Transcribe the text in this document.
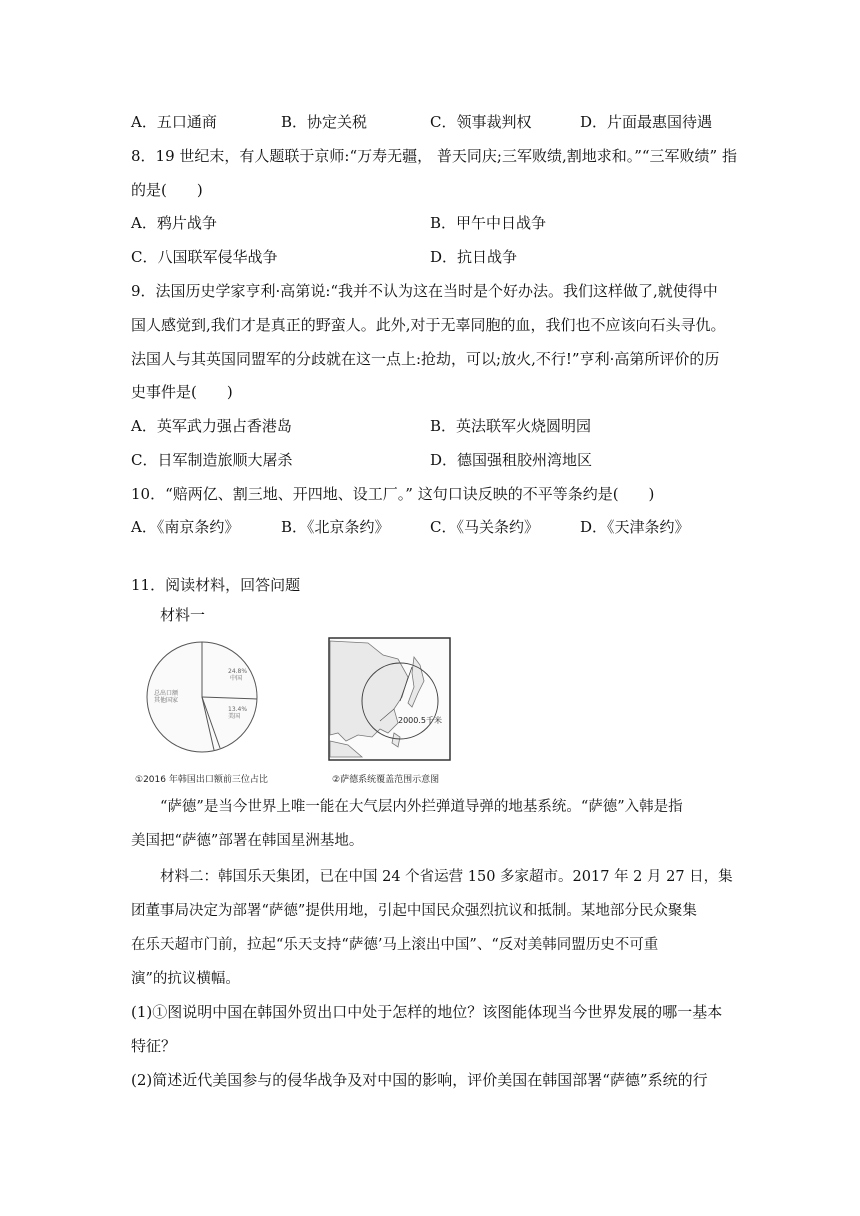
A．五口通商	B．协定关税	C．领事裁判权	D．片面最惠国待遇
8．19 世纪末，有人题联于京师:“万寿无疆， 普天同庆;三军败绩,割地求和。”“三军败绩” 指
的是(　　)
A．鸦片战争	B．甲午中日战争
C．八国联军侵华战争	D．抗日战争
9．法国历史学家亨利·高第说:“我并不认为这在当时是个好办法。我们这样做了,就使得中
国人感觉到,我们才是真正的野蛮人。此外,对于无辜同胞的血，我们也不应该向石头寻仇。
法国人与其英国同盟军的分歧就在这一点上:抢劫，可以;放火,不行!”亨利·高第所评价的历
史事件是(　　)
A．英军武力强占香港岛	B．英法联军火烧圆明园
C．日军制造旅顺大屠杀	D．德国强租胶州湾地区
10．“赔两亿、割三地、开四地、设工厂。” 这句口诀反映的不平等条约是(　　)
A．《南京条约》	B．《北京条约》	C．《马关条约》	D．《天津条约》
11．阅读材料，回答问题
材料一
24.8% 中国
总出口额 其他国家
13.4% 美国
①2016 年韩国出口额前三位占比
2000.5千米
②萨德系统覆盖范围示意图
“萨德”是当今世界上唯一能在大气层内外拦弹道导弹的地基系统。“萨德”入韩是指
美国把“萨德”部署在韩国星洲基地。
材料二：韩国乐天集团，已在中国 24 个省运营 150 多家超市。2017 年 2 月 27 日，集
团董事局决定为部署“萨德”提供用地，引起中国民众强烈抗议和抵制。某地部分民众聚集
在乐天超市门前，拉起“乐天支持“萨德’马上滚出中国”、“反对美韩同盟历史不可重
演”的抗议横幅。
(1)①图说明中国在韩国外贸出口中处于怎样的地位？该图能体现当今世界发展的哪一基本
特征？
(2)简述近代美国参与的侵华战争及对中国的影响，评价美国在韩国部署“萨德”系统的行
